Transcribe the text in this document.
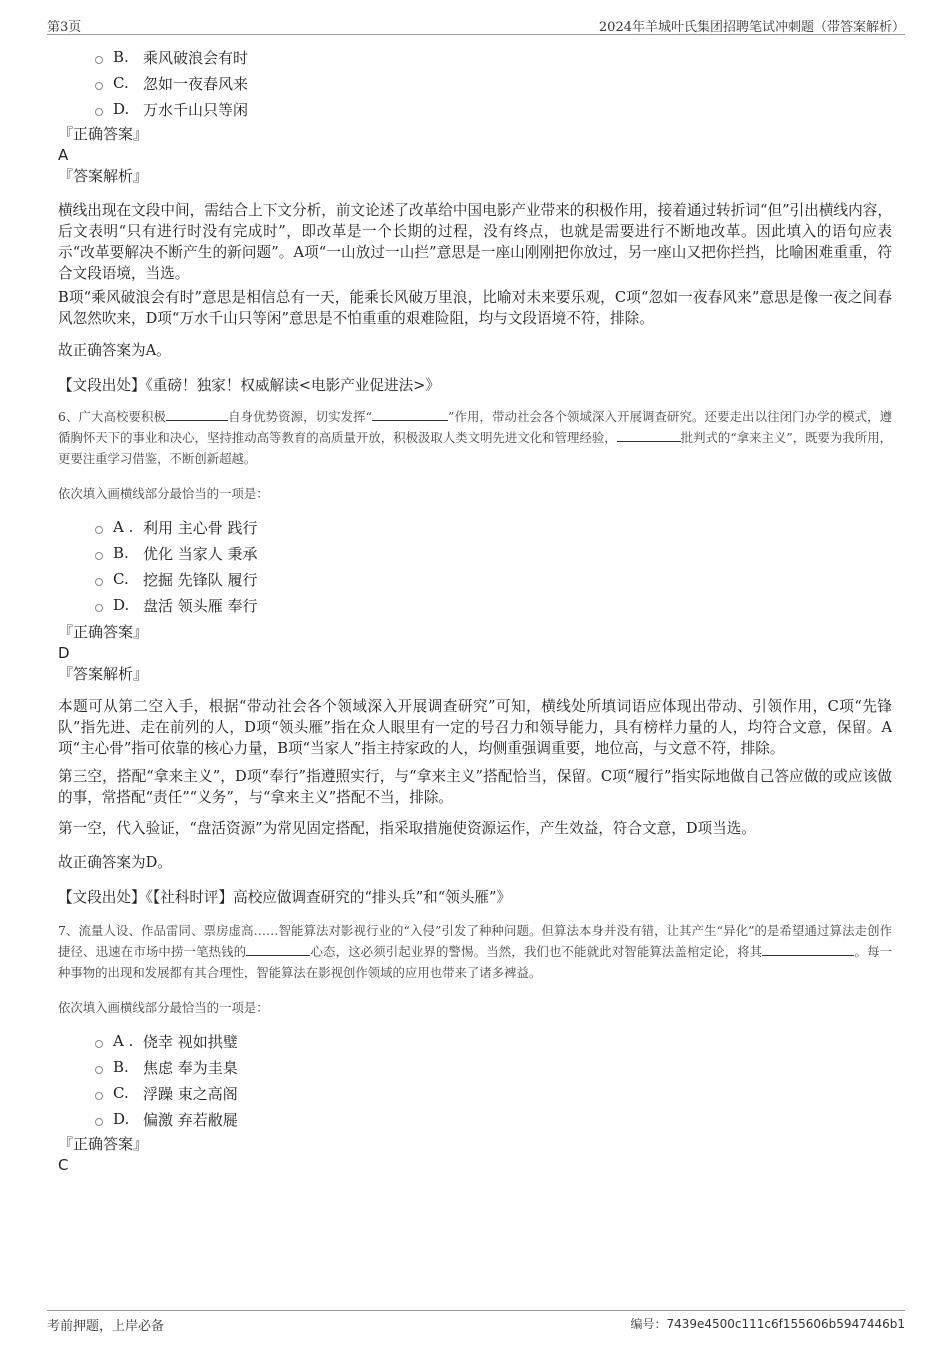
第3页	2024年羊城叶氏集团招聘笔试冲刺题（带答案解析）
B. 乘风破浪会有时
C. 忽如一夜春风来
D. 万水千山只等闲
『正确答案』
A
『答案解析』
横线出现在文段中间，需结合上下文分析，前文论述了改革给中国电影产业带来的积极作用，接着通过转折词“但”引出横线内容，后文表明“只有进行时没有完成时”，即改革是一个长期的过程，没有终点，也就是需要进行不断地改革。因此填入的语句应表示“改革要解决不断产生的新问题”。A项“一山放过一山拦”意思是一座山刚刚把你放过，另一座山又把你拦挡，比喻困难重重，符合文段语境，当选。
B项“乘风破浪会有时”意思是相信总有一天，能乘长风破万里浪，比喻对未来要乐观，C项“忽如一夜春风来”意思是像一夜之间春风忽然吹来，D项“万水千山只等闲”意思是不怕重重的艰难险阻，均与文段语境不符，排除。
故正确答案为A。
【文段出处】《重磅！独家！权威解读<电影产业促进法>》
6、广大高校要积极	自身优势资源，切实发挥“	”作用，带动社会各个领域深入开展调查研究。还要走出以往闭门办学的模式，遵循胸怀天下的事业和决心，坚持推动高等教育的高质量开放，积极汲取人类文明先进文化和管理经验，	批判式的“拿来主义”，既要为我所用，更要注重学习借鉴，不断创新超越。
依次填入画横线部分最恰当的一项是：
A . 利用 主心骨 践行
B. 优化 当家人 秉承
C. 挖掘 先锋队 履行
D. 盘活 领头雁 奉行
『正确答案』
D
『答案解析』
本题可从第二空入手，根据“带动社会各个领域深入开展调查研究”可知，横线处所填词语应体现出带动、引领作用，C项“先锋队”指先进、走在前列的人，D项“领头雁”指在众人眼里有一定的号召力和领导能力，具有榜样力量的人，均符合文意，保留。A项“主心骨”指可依靠的核心力量，B项“当家人”指主持家政的人，均侧重强调重要，地位高，与文意不符，排除。
第三空，搭配“拿来主义”，D项“奉行”指遵照实行，与“拿来主义”搭配恰当，保留。C项“履行”指实际地做自己答应做的或应该做的事，常搭配“责任”“义务”，与“拿来主义”搭配不当，排除。
第一空，代入验证，“盘活资源”为常见固定搭配，指采取措施使资源运作，产生效益，符合文意，D项当选。
故正确答案为D。
【文段出处】《【社科时评】高校应做调查研究的“排头兵”和“领头雁”》
7、流量人设、作品雷同、票房虚高……智能算法对影视行业的“入侵”引发了种种问题。但算法本身并没有错，让其产生“异化”的是希望通过算法走创作捷径、迅速在市场中捞一笔热钱的	心态，这必须引起业界的警惕。当然，我们也不能就此对智能算法盖棺定论，将其	。每一种事物的出现和发展都有其合理性，智能算法在影视创作领域的应用也带来了诸多裨益。
依次填入画横线部分最恰当的一项是：
A . 侥幸 视如拱璧
B. 焦虑 奉为圭臬
C. 浮躁 束之高阁
D. 偏激 弃若敝屣
『正确答案』
C
考前押题，上岸必备	编号：7439e4500c111c6f155606b5947446b1
